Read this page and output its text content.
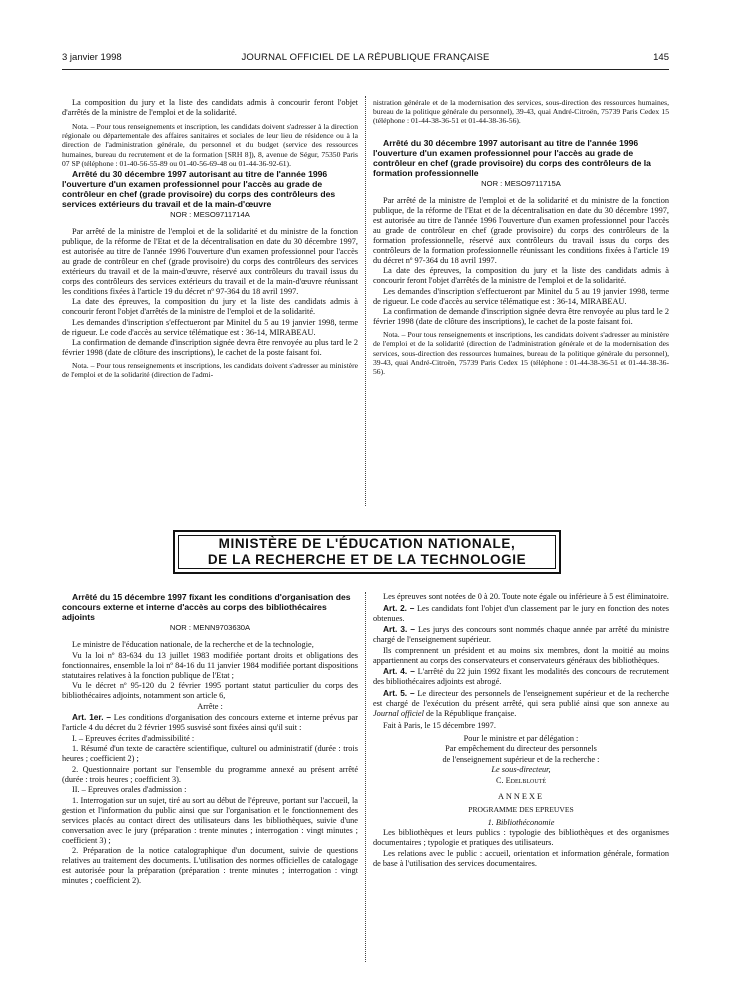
3 janvier 1998	JOURNAL OFFICIEL DE LA RÉPUBLIQUE FRANÇAISE	145

La composition du jury et la liste des candidats admis à concourir feront l'objet d'arrêtés de la ministre de l'emploi et de la solidarité.

Nota. – Pour tous renseignements et inscription, les candidats doivent s'adresser à la direction régionale ou départementale des affaires sanitaires et sociales de leur lieu de résidence ou à la direction de l'administration générale, du personnel et du budget (service des ressources humaines, bureau du recrutement et de la formation [SRH 8]), 8, avenue de Ségur, 75350 Paris 07 SP (téléphone : 01-40-56-55-89 ou 01-40-56-69-48 ou 01-44-36-92-61).

Arrêté du 30 décembre 1997 autorisant au titre de l'année 1996 l'ouverture d'un examen professionnel pour l'accès au grade de contrôleur en chef (grade provisoire) du corps des contrôleurs des services extérieurs du travail et de la main-d'œuvre

NOR : MESO9711714A

Par arrêté de la ministre de l'emploi et de la solidarité et du ministre de la fonction publique, de la réforme de l'Etat et de la décentralisation en date du 30 décembre 1997, est autorisée au titre de l'année 1996 l'ouverture d'un examen professionnel pour l'accès au grade de contrôleur en chef (grade provisoire) du corps des contrôleurs des services extérieurs du travail et de la main-d'œuvre, réservé aux contrôleurs du travail issus du corps des contrôleurs des services extérieurs du travail et de la main-d'œuvre réunissant les conditions fixées à l'article 19 du décret nº 97-364 du 18 avril 1997.

La date des épreuves, la composition du jury et la liste des candidats admis à concourir feront l'objet d'arrêtés de la ministre de l'emploi et de la solidarité.

Les demandes d'inscription s'effectueront par Minitel du 5 au 19 janvier 1998, terme de rigueur. Le code d'accès au service télématique est : 36-14, MIRABEAU.

La confirmation de demande d'inscription signée devra être renvoyée au plus tard le 2 février 1998 (date de clôture des inscriptions), le cachet de la poste faisant foi.

Nota. – Pour tous renseignements et inscriptions, les candidats doivent s'adresser au ministère de l'emploi et de la solidarité (direction de l'admi-

nistration générale et de la modernisation des services, sous-direction des ressources humaines, bureau de la politique générale du personnel), 39-43, quai André-Citroën, 75739 Paris Cedex 15 (téléphone : 01-44-38-36-51 et 01-44-38-36-56).

Arrêté du 30 décembre 1997 autorisant au titre de l'année 1996 l'ouverture d'un examen professionnel pour l'accès au grade de contrôleur en chef (grade provisoire) du corps des contrôleurs de la formation professionnelle

NOR : MESO9711715A

Par arrêté de la ministre de l'emploi et de la solidarité et du ministre de la fonction publique, de la réforme de l'Etat et de la décentralisation en date du 30 décembre 1997, est autorisée au titre de l'année 1996 l'ouverture d'un examen professionnel pour l'accès au grade de contrôleur en chef (grade provisoire) du corps des contrôleurs de la formation professionnelle, réservé aux contrôleurs du travail issus du corps des contrôleurs de la formation professionnelle réunissant les conditions fixées à l'article 19 du décret nº 97-364 du 18 avril 1997.

La date des épreuves, la composition du jury et la liste des candidats admis à concourir feront l'objet d'arrêtés de la ministre de l'emploi et de la solidarité.

Les demandes d'inscription s'effectueront par Minitel du 5 au 19 janvier 1998, terme de rigueur. Le code d'accès au service télématique est : 36-14, MIRABEAU.

La confirmation de demande d'inscription signée devra être renvoyée au plus tard le 2 février 1998 (date de clôture des inscriptions), le cachet de la poste faisant foi.

Nota. – Pour tous renseignements et inscriptions, les candidats doivent s'adresser au ministère de l'emploi et de la solidarité (direction de l'administration générale et de la modernisation des services, sous-direction des ressources humaines, bureau de la politique générale du personnel), 39-43, quai André-Citroën, 75739 Paris Cedex 15 (téléphone : 01-44-38-36-51 et 01-44-38-36-56).

MINISTÈRE DE L'ÉDUCATION NATIONALE,
DE LA RECHERCHE ET DE LA TECHNOLOGIE

Arrêté du 15 décembre 1997 fixant les conditions d'organisation des concours externe et interne d'accès au corps des bibliothécaires adjoints

NOR : MENN9703630A

Le ministre de l'éducation nationale, de la recherche et de la technologie,

Vu la loi nº 83-634 du 13 juillet 1983 modifiée portant droits et obligations des fonctionnaires, ensemble la loi nº 84-16 du 11 janvier 1984 modifiée portant dispositions statutaires relatives à la fonction publique de l'Etat ;

Vu le décret nº 95-120 du 2 février 1995 portant statut particulier du corps des bibliothécaires adjoints, notamment son article 6,

Arrête :

Art. 1er. – Les conditions d'organisation des concours externe et interne prévus par l'article 4 du décret du 2 février 1995 susvisé sont fixées ainsi qu'il suit :

I. – Epreuves écrites d'admissibilité :

1. Résumé d'un texte de caractère scientifique, culturel ou administratif (durée : trois heures ; coefficient 2) ;

2. Questionnaire portant sur l'ensemble du programme annexé au présent arrêté (durée : trois heures ; coefficient 3).

II. – Epreuves orales d'admission :

1. Interrogation sur un sujet, tiré au sort au début de l'épreuve, portant sur l'accueil, la gestion et l'information du public ainsi que sur l'organisation et le fonctionnement des services placés au contact direct des utilisateurs dans les bibliothèques, suivie d'une conversation avec le jury (préparation : trente minutes ; interrogation : vingt minutes ; coefficient 3) ;

2. Préparation de la notice catalographique d'un document, suivie de questions relatives au traitement des documents. L'utilisation des normes officielles de catalogage est autorisée pour la préparation (préparation : trente minutes ; interrogation : vingt minutes ; coefficient 2).

Les épreuves sont notées de 0 à 20. Toute note égale ou inférieure à 5 est éliminatoire.

Art. 2. – Les candidats font l'objet d'un classement par le jury en fonction des notes obtenues.

Art. 3. – Les jurys des concours sont nommés chaque année par arrêté du ministre chargé de l'enseignement supérieur.

Ils comprennent un président et au moins six membres, dont la moitié au moins appartiennent au corps des conservateurs et conservateurs généraux des bibliothèques.

Art. 4. – L'arrêté du 22 juin 1992 fixant les modalités des concours de recrutement des bibliothécaires adjoints est abrogé.

Art. 5. – Le directeur des personnels de l'enseignement supérieur et de la recherche est chargé de l'exécution du présent arrêté, qui sera publié ainsi que son annexe au Journal officiel de la République française.

Fait à Paris, le 15 décembre 1997.

Pour le ministre et par délégation :

Par empêchement du directeur des personnels

de l'enseignement supérieur et de la recherche :

Le sous-directeur,

C. Edelblouté

ANNEXE

PROGRAMME DES EPREUVES

1. Bibliothéconomie

Les bibliothèques et leurs publics : typologie des bibliothèques et des organismes documentaires ; typologie et pratiques des utilisateurs.

Les relations avec le public : accueil, orientation et information générale, formation de base à l'utilisation des services documentaires.
